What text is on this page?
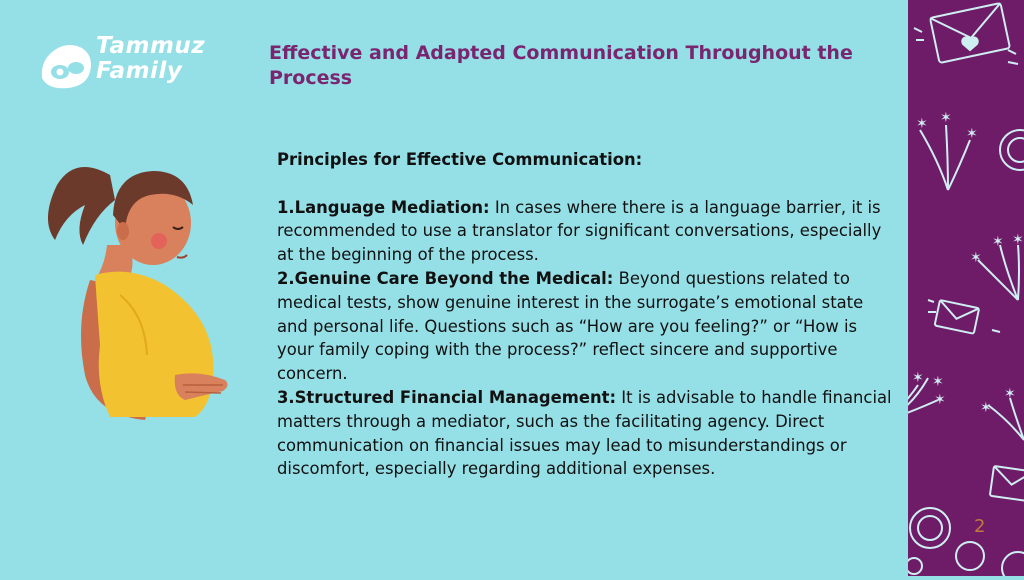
Tammuz
Family
Effective and Adapted Communication Throughout the Process

Principles for Effective Communication:

1.Language Mediation: In cases where there is a language barrier, it is recommended to use a translator for significant conversations, especially at the beginning of the process.

2.Genuine Care Beyond the Medical: Beyond questions related to medical tests, show genuine interest in the surrogate’s emotional state and personal life. Questions such as “How are you feeling?” or “How is your family coping with the process?” reflect sincere and supportive concern.

3.Structured Financial Management: It is advisable to handle financial matters through a mediator, such as the facilitating agency. Direct communication on financial issues may lead to misunderstandings or discomfort, especially regarding additional expenses.

✶ ✶
✶
✶
✶ ✶
✶ ✶
✶ ✶
✶
2
